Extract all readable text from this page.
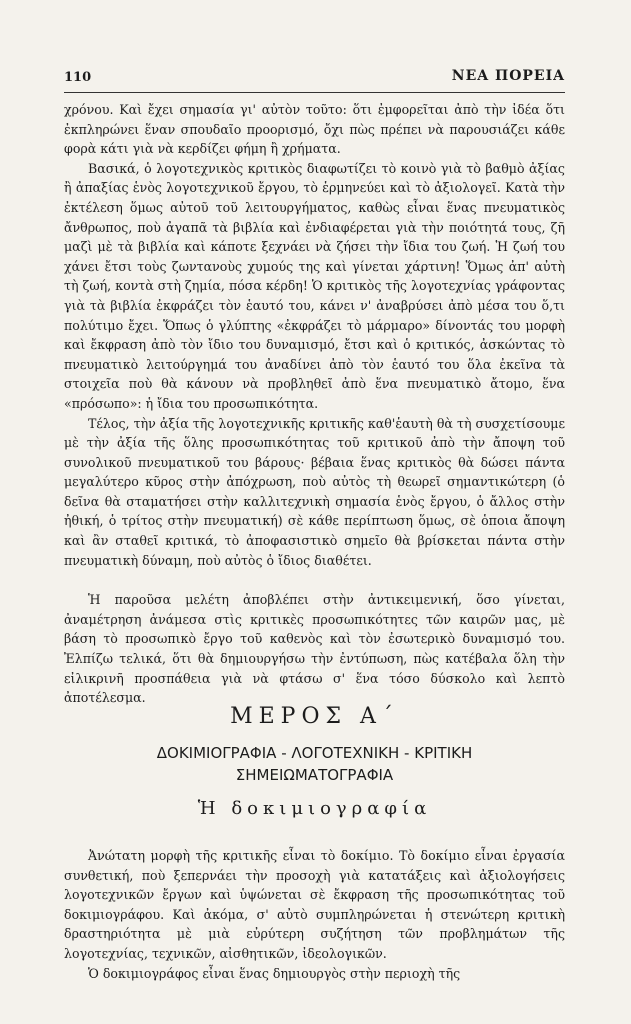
110	ΝΕΑ ΠΟΡΕΙΑ

χρόνου. Καὶ ἔχει σημασία γι' αὐτὸν τοῦτο: ὅτι ἐμφορεῖται ἀπὸ τὴν ἰδέα ὅτι ἐκπληρώνει ἕναν σπουδαῖο προορισμό, ὄχι πὼς πρέπει νὰ παρουσιάζει κάθε φορὰ κάτι γιὰ νὰ κερδίζει φήμη ἢ χρήματα.

Βασικά, ὁ λογοτεχνικὸς κριτικὸς διαφωτίζει τὸ κοινὸ γιὰ τὸ βαθμὸ ἀξίας ἢ ἀπαξίας ἑνὸς λογοτεχνικοῦ ἔργου, τὸ ἑρμηνεύει καὶ τὸ ἀξιολογεῖ. Κατὰ τὴν ἐκτέλεση ὅμως αὐτοῦ τοῦ λειτουργήματος, καθὼς εἶναι ἕνας πνευματικὸς ἄνθρωπος, ποὺ ἀγαπᾶ τὰ βιβλία καὶ ἐνδιαφέρεται γιὰ τὴν ποιότητά τους, ζῆ μαζὶ μὲ τὰ βιβλία καὶ κάποτε ξεχνάει νὰ ζήσει τὴν ἴδια του ζωή. Ἡ ζωή του χάνει ἔτσι τοὺς ζωντανοὺς χυμούς της καὶ γίνεται χάρτινη! Ὅμως ἀπ' αὐτὴ τὴ ζωή, κοντὰ στὴ ζημία, πόσα κέρδη! Ὁ κριτικὸς τῆς λογοτεχνίας γράφοντας γιὰ τὰ βιβλία ἐκφράζει τὸν ἑαυτό του, κάνει ν' ἀναβρύσει ἀπὸ μέσα του ὅ,τι πολύτιμο ἔχει. Ὅπως ὁ γλύπτης «ἐκφράζει τὸ μάρμαρο» δίνοντάς του μορφὴ καὶ ἔκφραση ἀπὸ τὸν ἴδιο του δυναμισμό, ἔτσι καὶ ὁ κριτικός, ἀσκώντας τὸ πνευματικὸ λειτούργημά του ἀναδίνει ἀπὸ τὸν ἑαυτό του ὅλα ἐκεῖνα τὰ στοιχεῖα ποὺ θὰ κάνουν νὰ προβληθεῖ ἀπὸ ἕνα πνευματικὸ ἄτομο, ἕνα «πρόσωπο»: ἡ ἴδια του προσωπικότητα.

Τέλος, τὴν ἀξία τῆς λογοτεχνικῆς κριτικῆς καθ'ἑαυτὴ θὰ τὴ συσχετίσουμε μὲ τὴν ἀξία τῆς ὅλης προσωπικότητας τοῦ κριτικοῦ ἀπὸ τὴν ἄποψη τοῦ συνολικοῦ πνευματικοῦ του βάρους· βέβαια ἕνας κριτικὸς θὰ δώσει πάντα μεγαλύτερο κῦρος στὴν ἀπόχρωση, ποὺ αὐτὸς τὴ θεωρεῖ σημαντικώτερη (ὁ δεῖνα θὰ σταματήσει στὴν καλλιτεχνικὴ σημασία ἑνὸς ἔργου, ὁ ἄλλος στὴν ἠθική, ὁ τρίτος στὴν πνευματική) σὲ κάθε περίπτωση ὅμως, σὲ ὁποια ἄποψη καὶ ἂν σταθεῖ κριτικά, τὸ ἀποφασιστικὸ σημεῖο θὰ βρίσκεται πάντα στὴν πνευματικὴ δύναμη, ποὺ αὐτὸς ὁ ἴδιος διαθέτει.

Ἡ παροῦσα μελέτη ἀποβλέπει στὴν ἀντικειμενική, ὅσο γίνεται, ἀναμέτρηση ἀνάμεσα στὶς κριτικὲς προσωπικότητες τῶν καιρῶν μας, μὲ βάση τὸ προσωπικὸ ἔργο τοῦ καθενὸς καὶ τὸν ἐσωτερικὸ δυναμισμό του. Ἐλπίζω τελικά, ὅτι θὰ δημιουργήσω τὴν ἐντύπωση, πὼς κατέβαλα ὅλη τὴν εἰλικρινῆ προσπάθεια γιὰ νὰ φτάσω σ' ἕνα τόσο δύσκολο καὶ λεπτὸ ἀποτέλεσμα.

ΜΕΡΟΣ Α΄
ΔΟΚΙΜΙΟΓΡΑΦΙΑ - ΛΟΓΟΤΕΧΝΙΚΗ - ΚΡΙΤΙΚΗ
ΣΗΜΕΙΩΜΑΤΟΓΡΑΦΙΑ
Ἡ δοκιμιογραφία

Ἀνώτατη μορφὴ τῆς κριτικῆς εἶναι τὸ δοκίμιο. Τὸ δοκίμιο εἶναι ἐργασία συνθετική, ποὺ ξεπερνάει τὴν προσοχὴ γιὰ κατατάξεις καὶ ἀξιολογήσεις λογοτεχνικῶν ἔργων καὶ ὑψώνεται σὲ ἔκφραση τῆς προσωπικότητας τοῦ δοκιμιογράφου. Καὶ ἀκόμα, σ' αὐτὸ συμπληρώνεται ἡ στενώτερη κριτικὴ δραστηριότητα μὲ μιὰ εὐρύτερη συζήτηση τῶν προβλημάτων τῆς λογοτεχνίας, τεχνικῶν, αἰσθητικῶν, ἰδεολογικῶν.

Ὁ δοκιμιογράφος εἶναι ἕνας δημιουργὸς στὴν περιοχὴ τῆς
